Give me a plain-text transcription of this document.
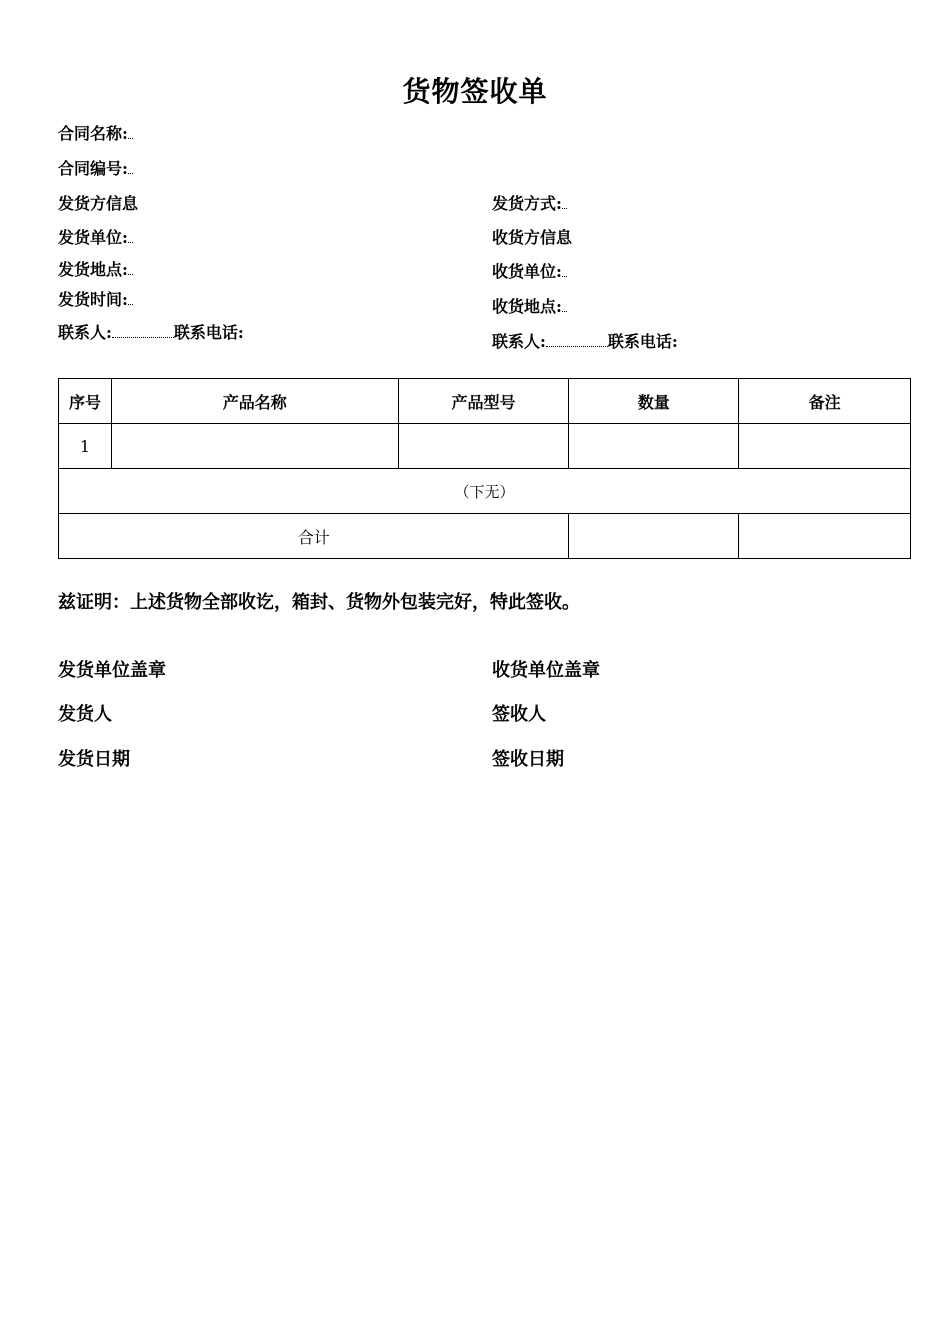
货物签收单
合同名称:
合同编号:
发货方信息
发货单位:
发货地点:
发货时间:
联系人:	联系电话:
发货方式:
收货方信息
收货单位:
收货地点:
联系人:	联系电话:
序号	产品名称	产品型号	数量	备注
1				
（下无）				
合计				
兹证明：上述货物全部收讫，箱封、货物外包装完好，特此签收。
发货单位盖章
发货人
发货日期
收货单位盖章
签收人
签收日期
